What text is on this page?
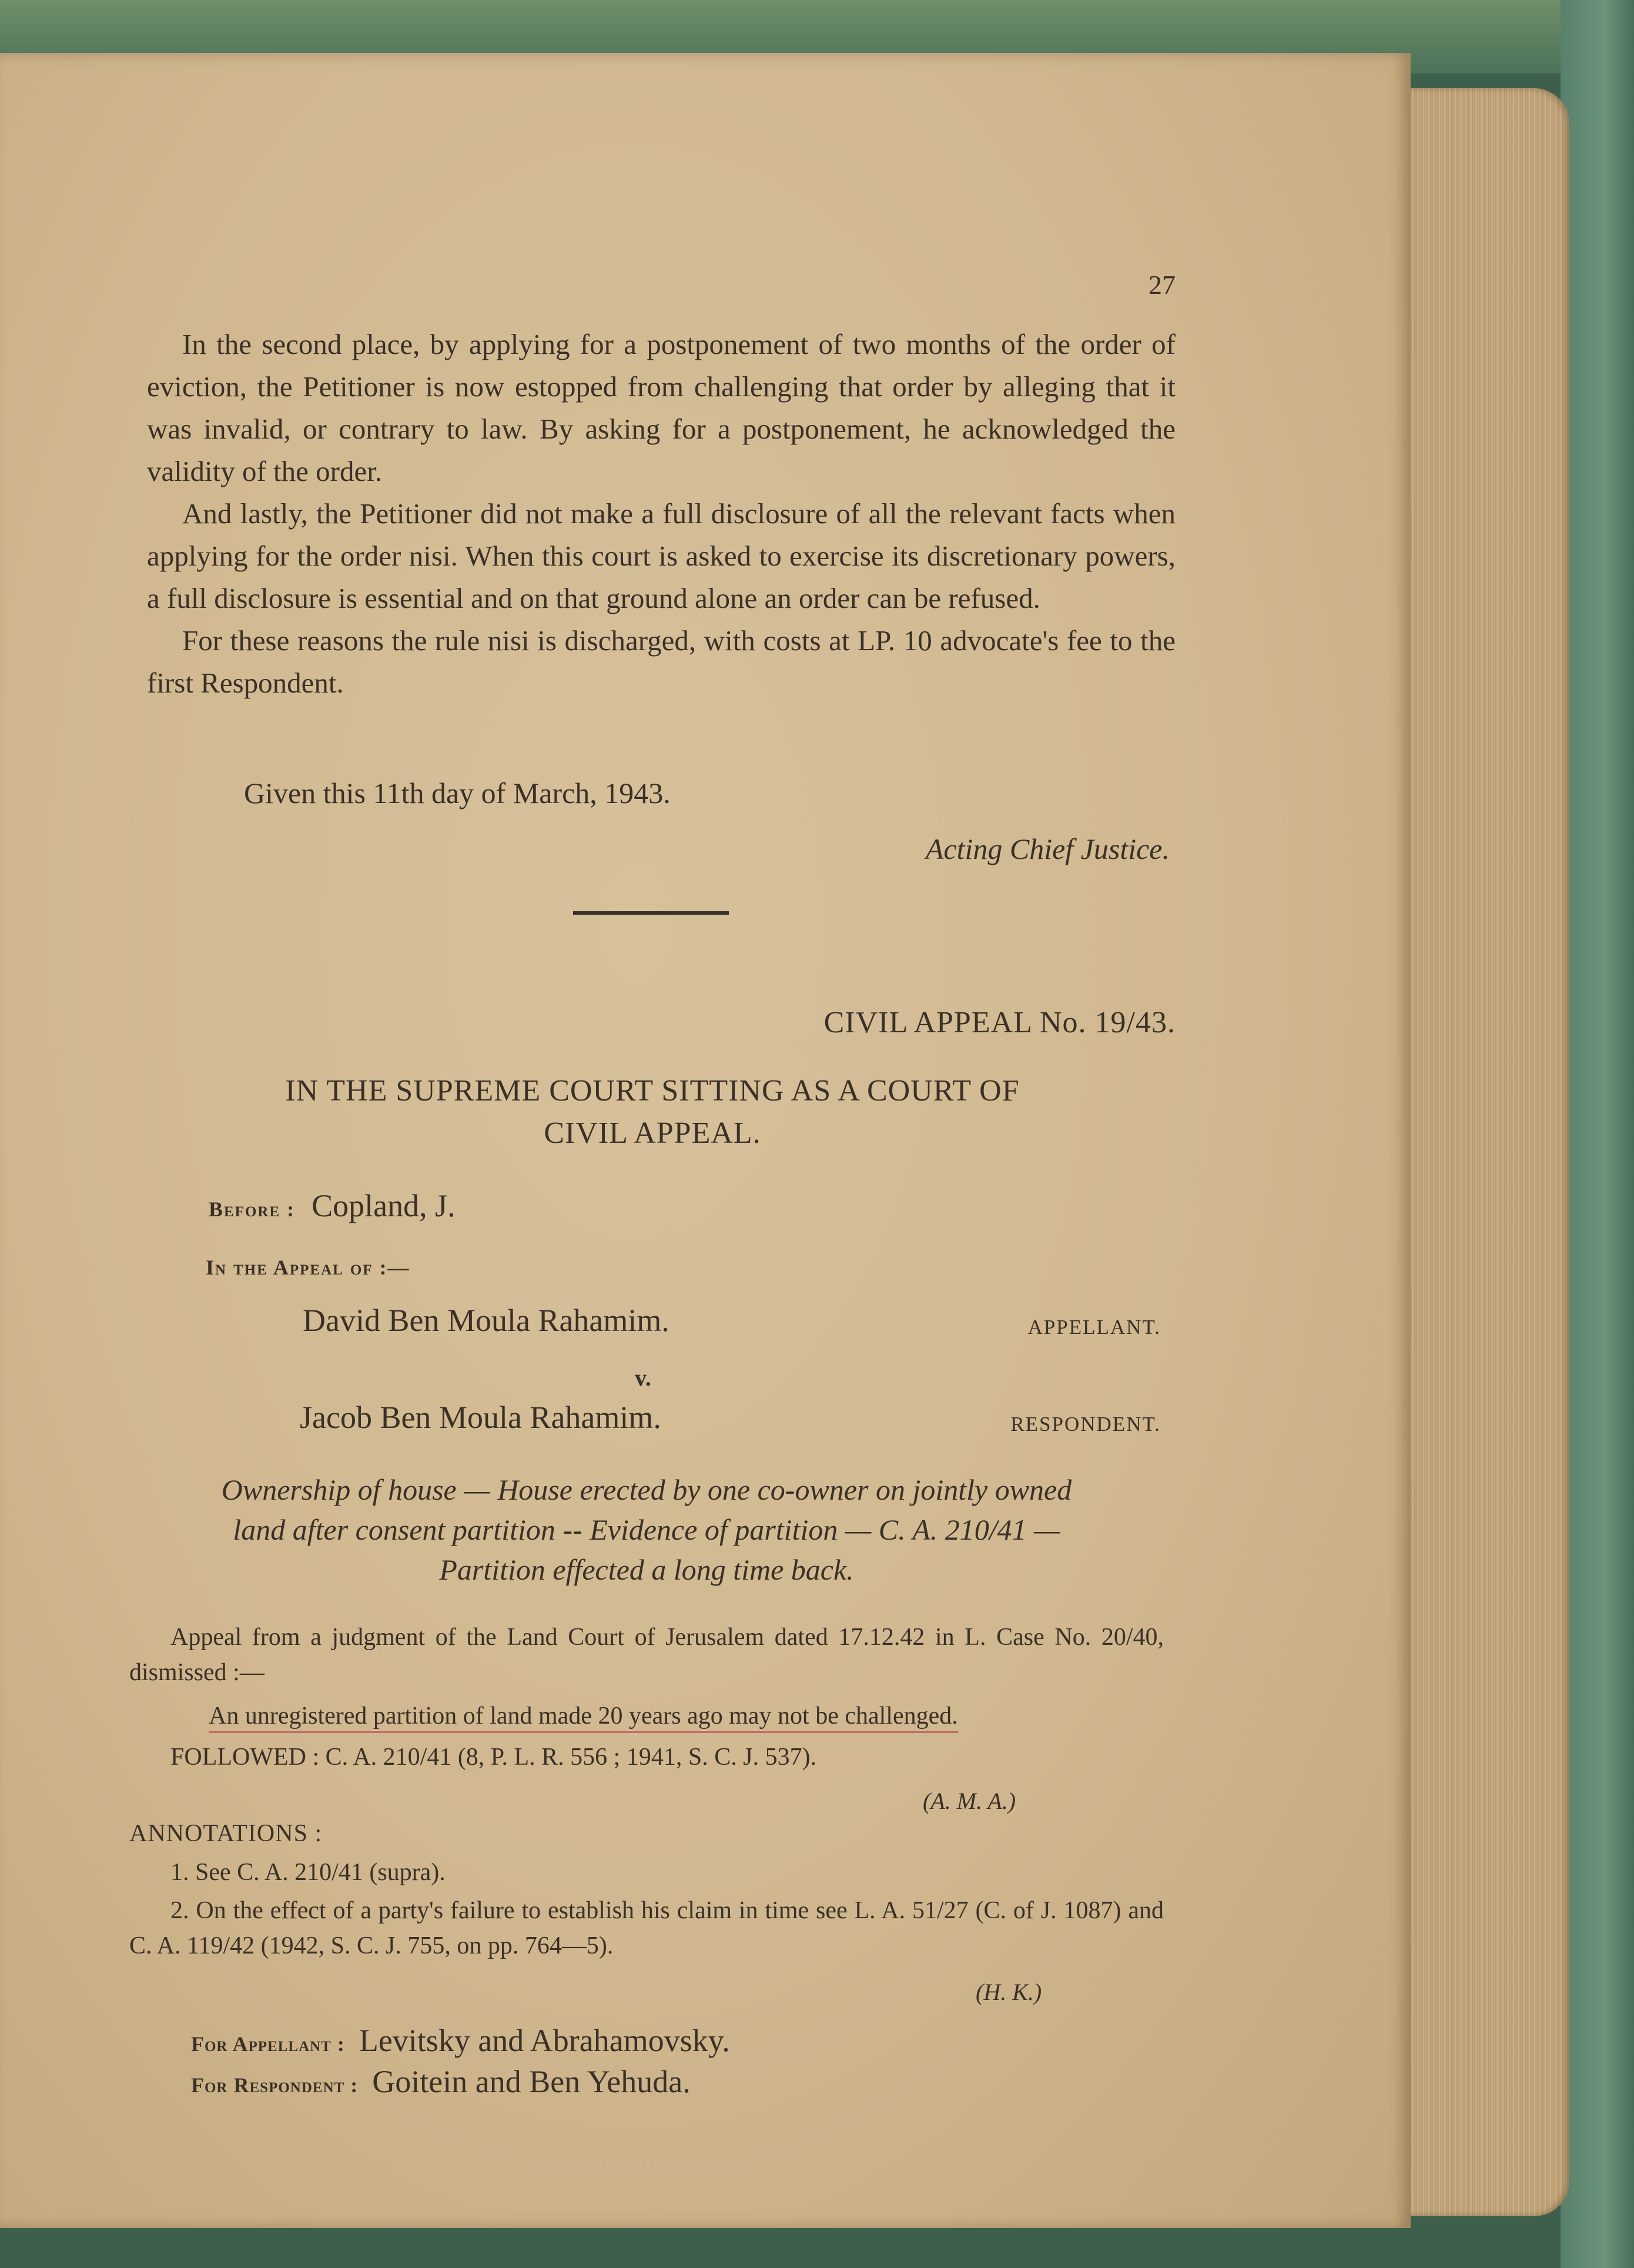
27

In the second place, by applying for a postponement of two months of the order of eviction, the Petitioner is now estopped from challenging that order by alleging that it was invalid, or contrary to law. By asking for a postponement, he acknowledged the validity of the order.

And lastly, the Petitioner did not make a full disclosure of all the relevant facts when applying for the order nisi. When this court is asked to exercise its discretionary powers, a full disclosure is essential and on that ground alone an order can be refused.

For these reasons the rule nisi is discharged, with costs at LP. 10 advocate's fee to the first Respondent.

Given this 11th day of March, 1943.
Acting Chief Justice.
CIVIL APPEAL No. 19/43.
IN THE SUPREME COURT SITTING AS A COURT OF
CIVIL APPEAL.
Before : Copland, J.
In the Appeal of :—
David Ben Moula Rahamim.	APPELLANT.
v.
Jacob Ben Moula Rahamim.	RESPONDENT.
Ownership of house — House erected by one co-owner on jointly owned
land after consent partition -- Evidence of partition — C. A. 210/41 —
Partition effected a long time back.

Appeal from a judgment of the Land Court of Jerusalem dated 17.12.42 in L. Case No. 20/40, dismissed :—

An unregistered partition of land made 20 years ago may not be challenged.
FOLLOWED : C. A. 210/41 (8, P. L. R. 556 ; 1941, S. C. J. 537).
(A. M. A.)
ANNOTATIONS :

1. See C. A. 210/41 (supra).

2. On the effect of a party's failure to establish his claim in time see L. A. 51/27 (C. of J. 1087) and C. A. 119/42 (1942, S. C. J. 755, on pp. 764—5).

(H. K.)
For Appellant : Levitsky and Abrahamovsky.
For Respondent : Goitein and Ben Yehuda.
